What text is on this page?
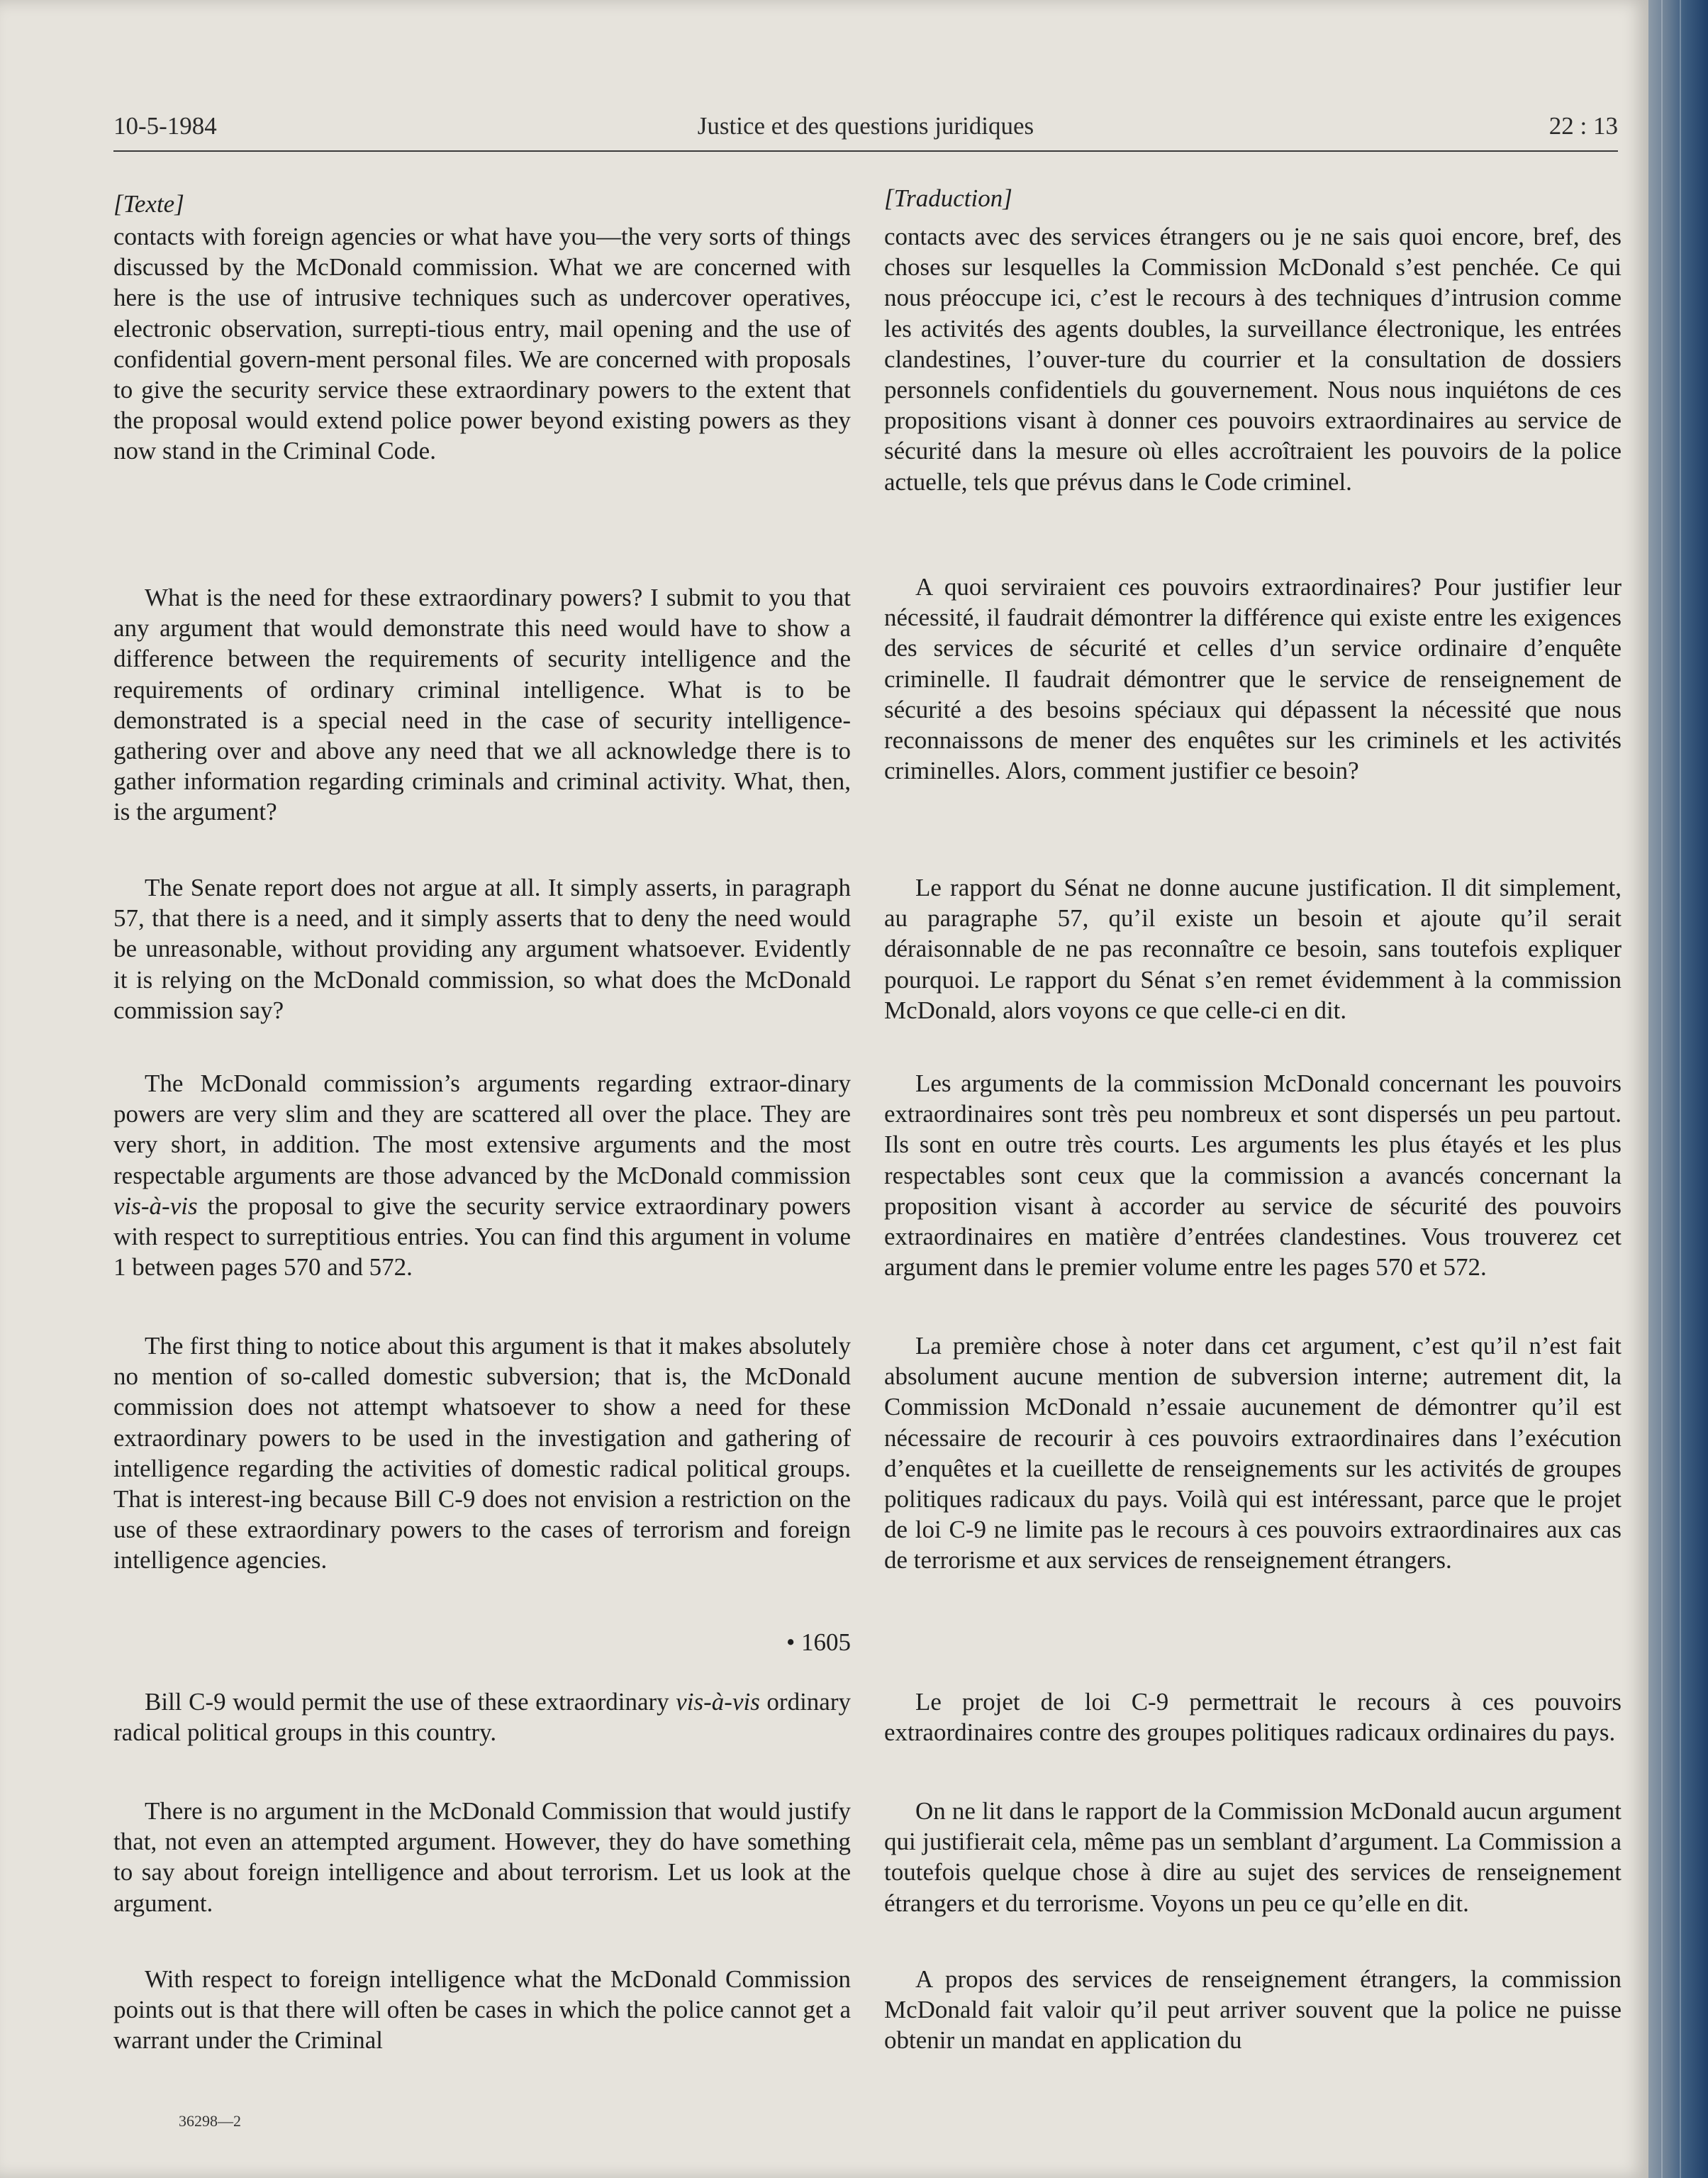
10-5-1984	Justice et des questions juridiques	22 : 13

[Texte]

contacts with foreign agencies or what have you—the very sorts of things discussed by the McDonald commission. What we are concerned with here is the use of intrusive techniques such as undercover operatives, electronic observation, surrepti-tious entry, mail opening and the use of confidential govern-ment personal files. We are concerned with proposals to give the security service these extraordinary powers to the extent that the proposal would extend police power beyond existing powers as they now stand in the Criminal Code.

What is the need for these extraordinary powers? I submit to you that any argument that would demonstrate this need would have to show a difference between the requirements of security intelligence and the requirements of ordinary criminal intelligence. What is to be demonstrated is a special need in the case of security intelligence-gathering over and above any need that we all acknowledge there is to gather information regarding criminals and criminal activity. What, then, is the argument?

The Senate report does not argue at all. It simply asserts, in paragraph 57, that there is a need, and it simply asserts that to deny the need would be unreasonable, without providing any argument whatsoever. Evidently it is relying on the McDonald commission, so what does the McDonald commission say?

The McDonald commission’s arguments regarding extraor-dinary powers are very slim and they are scattered all over the place. They are very short, in addition. The most extensive arguments and the most respectable arguments are those advanced by the McDonald commission vis-à-vis the proposal to give the security service extraordinary powers with respect to surreptitious entries. You can find this argument in volume 1 between pages 570 and 572.

The first thing to notice about this argument is that it makes absolutely no mention of so-called domestic subversion; that is, the McDonald commission does not attempt whatsoever to show a need for these extraordinary powers to be used in the investigation and gathering of intelligence regarding the activities of domestic radical political groups. That is interest-ing because Bill C-9 does not envision a restriction on the use of these extraordinary powers to the cases of terrorism and foreign intelligence agencies.

Bill C-9 would permit the use of these extraordinary vis-à-vis ordinary radical political groups in this country.

There is no argument in the McDonald Commission that would justify that, not even an attempted argument. However, they do have something to say about foreign intelligence and about terrorism. Let us look at the argument.

With respect to foreign intelligence what the McDonald Commission points out is that there will often be cases in which the police cannot get a warrant under the Criminal

• 1605

[Traduction]

contacts avec des services étrangers ou je ne sais quoi encore, bref, des choses sur lesquelles la Commission McDonald s’est penchée. Ce qui nous préoccupe ici, c’est le recours à des techniques d’intrusion comme les activités des agents doubles, la surveillance électronique, les entrées clandestines, l’ouver-ture du courrier et la consultation de dossiers personnels confidentiels du gouvernement. Nous nous inquiétons de ces propositions visant à donner ces pouvoirs extraordinaires au service de sécurité dans la mesure où elles accroîtraient les pouvoirs de la police actuelle, tels que prévus dans le Code criminel.

A quoi serviraient ces pouvoirs extraordinaires? Pour justifier leur nécessité, il faudrait démontrer la différence qui existe entre les exigences des services de sécurité et celles d’un service ordinaire d’enquête criminelle. Il faudrait démontrer que le service de renseignement de sécurité a des besoins spéciaux qui dépassent la nécessité que nous reconnaissons de mener des enquêtes sur les criminels et les activités criminelles. Alors, comment justifier ce besoin?

Le rapport du Sénat ne donne aucune justification. Il dit simplement, au paragraphe 57, qu’il existe un besoin et ajoute qu’il serait déraisonnable de ne pas reconnaître ce besoin, sans toutefois expliquer pourquoi. Le rapport du Sénat s’en remet évidemment à la commission McDonald, alors voyons ce que celle-ci en dit.

Les arguments de la commission McDonald concernant les pouvoirs extraordinaires sont très peu nombreux et sont dispersés un peu partout. Ils sont en outre très courts. Les arguments les plus étayés et les plus respectables sont ceux que la commission a avancés concernant la proposition visant à accorder au service de sécurité des pouvoirs extraordinaires en matière d’entrées clandestines. Vous trouverez cet argument dans le premier volume entre les pages 570 et 572.

La première chose à noter dans cet argument, c’est qu’il n’est fait absolument aucune mention de subversion interne; autrement dit, la Commission McDonald n’essaie aucunement de démontrer qu’il est nécessaire de recourir à ces pouvoirs extraordinaires dans l’exécution d’enquêtes et la cueillette de renseignements sur les activités de groupes politiques radicaux du pays. Voilà qui est intéressant, parce que le projet de loi C-9 ne limite pas le recours à ces pouvoirs extraordinaires aux cas de terrorisme et aux services de renseignement étrangers.

Le projet de loi C-9 permettrait le recours à ces pouvoirs extraordinaires contre des groupes politiques radicaux ordinaires du pays.

On ne lit dans le rapport de la Commission McDonald aucun argument qui justifierait cela, même pas un semblant d’argument. La Commission a toutefois quelque chose à dire au sujet des services de renseignement étrangers et du terrorisme. Voyons un peu ce qu’elle en dit.

A propos des services de renseignement étrangers, la commission McDonald fait valoir qu’il peut arriver souvent que la police ne puisse obtenir un mandat en application du

36298—2
